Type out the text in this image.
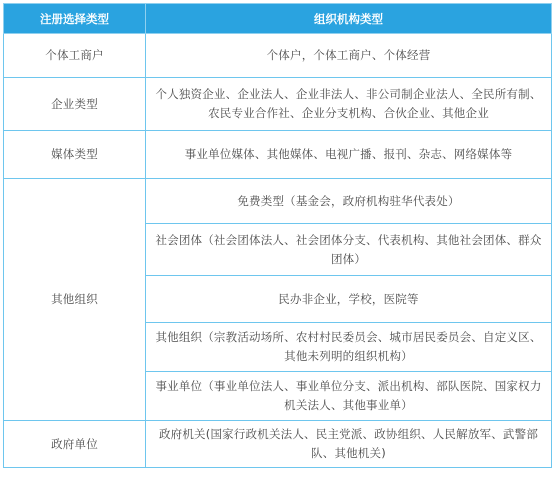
注册选择类型	组织机构类型
个体工商户	个体户，个体工商户、个体经营
企业类型	个人独资企业、企业法人、企业非法人、非公司制企业法人、全民所有制、农民专业合作社、企业分支机构、合伙企业、其他企业
媒体类型	事业单位媒体、其他媒体、电视广播、报刊、杂志、网络媒体等
其他组织	免费类型（基金会，政府机构驻华代表处）
	社会团体（社会团体法人、社会团体分支、代表机构、其他社会团体、群众团体）
	民办非企业，学校，医院等
	其他组织（宗教活动场所、农村村民委员会、城市居民委员会、自定义区、其他未列明的组织机构）
	事业单位（事业单位法人、事业单位分支、派出机构、部队医院、国家权力机关法人、其他事业单）
政府单位	政府机关(国家行政机关法人、民主党派、政协组织、人民解放军、武警部队、其他机关)
